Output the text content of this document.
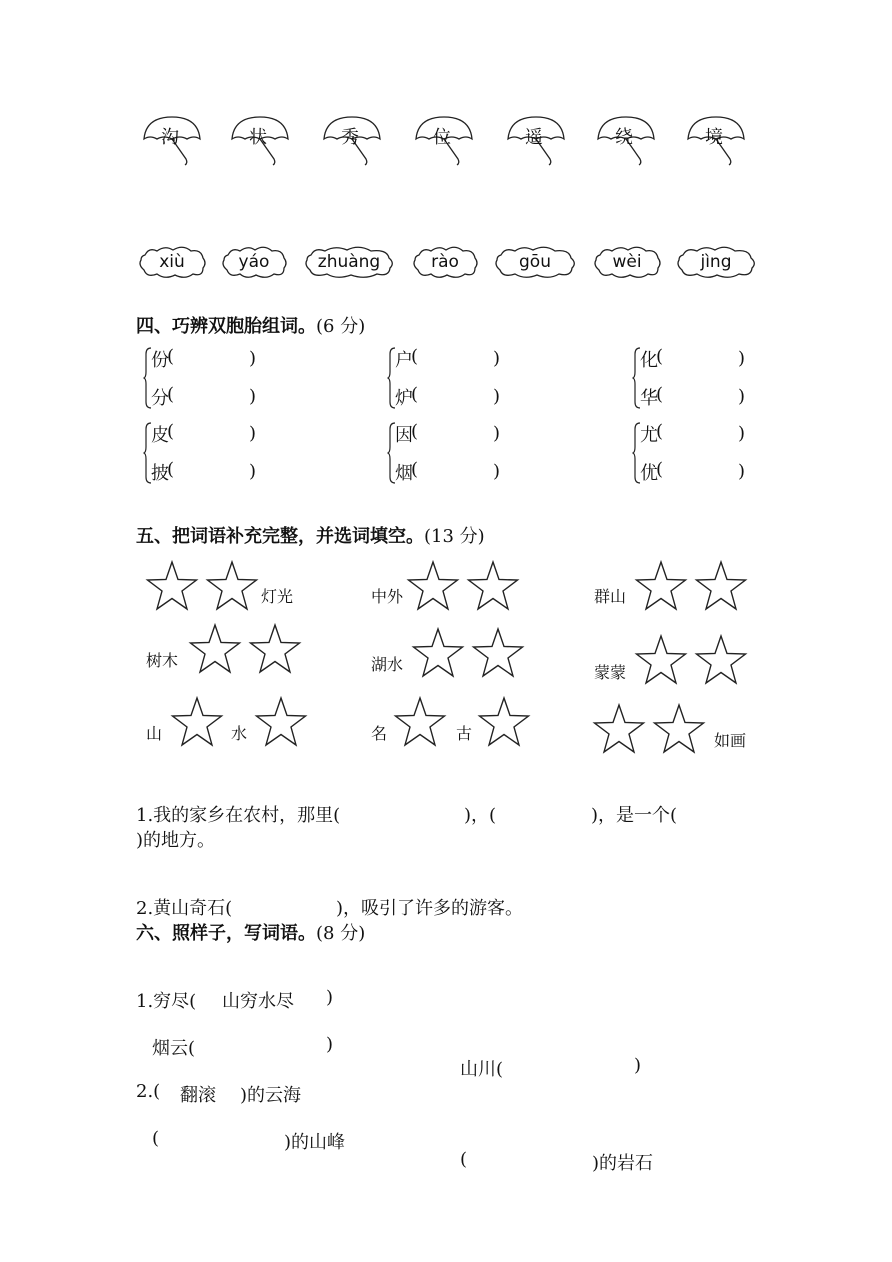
沟	状	秀	位	遥	绕	境
xiù	yáo	zhuàng	rào	gōu	wèi	jìng
四、巧辨双胞胎组词。(6 分)
份
(	)
分
(	)
户
(	)
炉
(	)
化
(	)
华
(	)
皮
(	)
披
(	)
因
(	)
烟
(	)
尤
(	)
优
(	)
五、把词语补充完整，并选词填空。(13 分)
灯光	中外	群山
树木	湖水	蒙蒙
山	水	名	古	如画

1.我的家乡在农村，那里(	)，(	)，是一个(

)的地方。

2.黄山奇石(	)，吸引了许多的游客。

六、照样子，写词语。(8 分)

1.穷尽( 山穷水尽 )

烟云(	)

山川(	)

2.( 翻滚 )的云海

(	)的山峰

(	)的岩石
